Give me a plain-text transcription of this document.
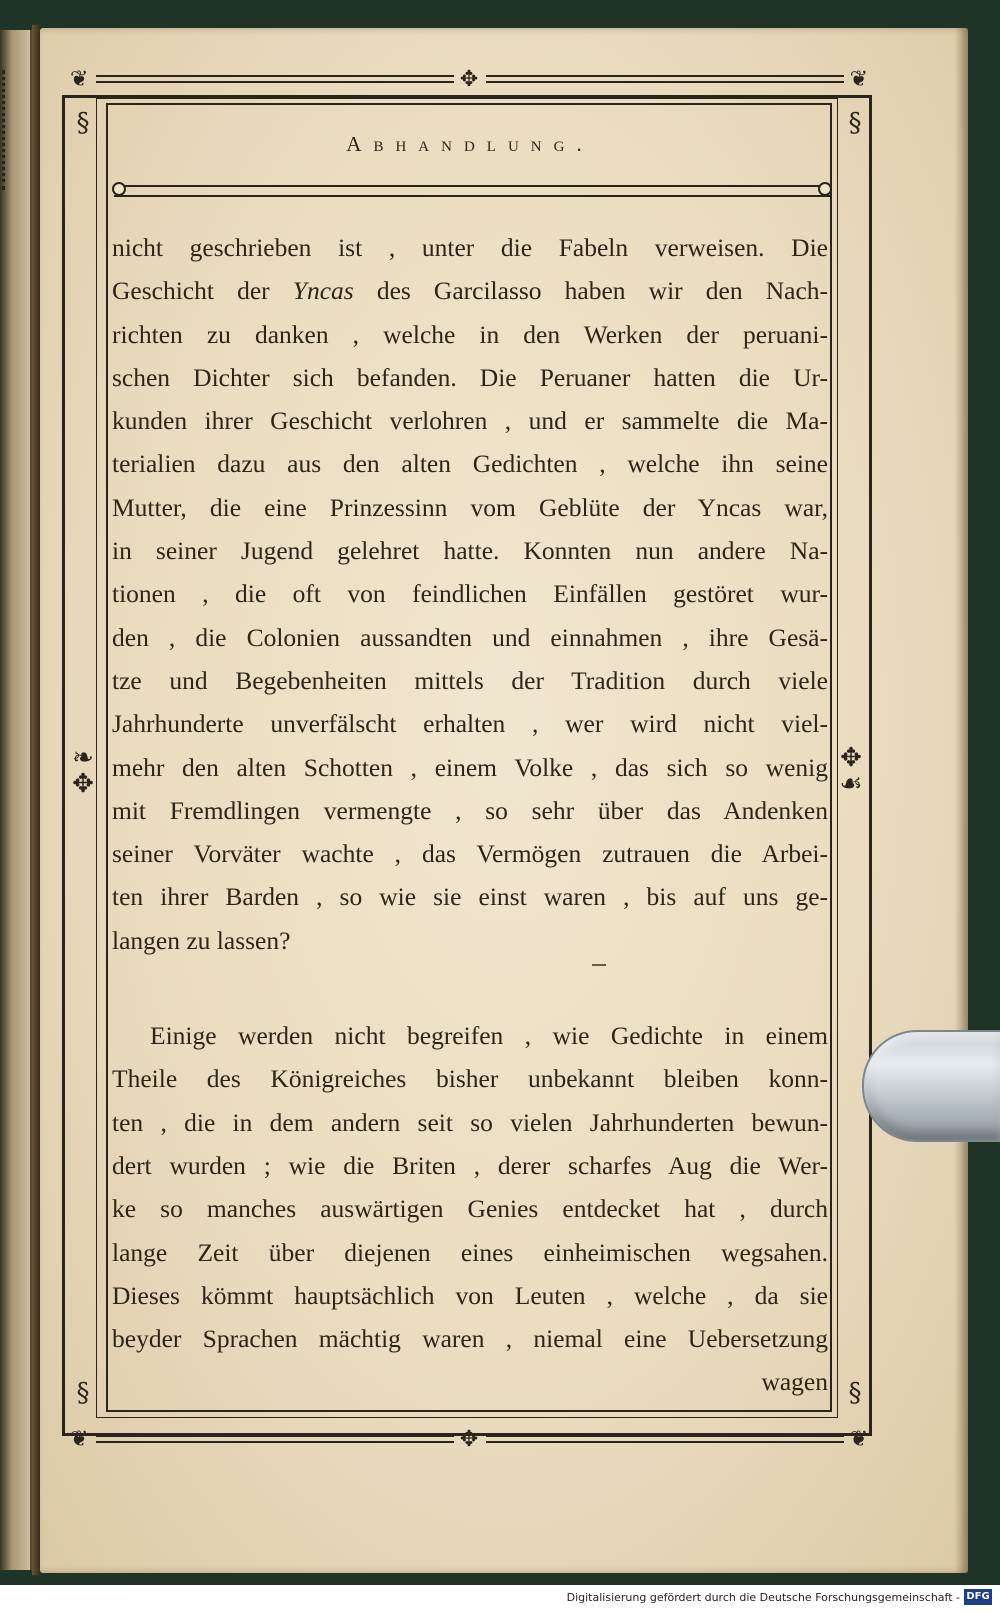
❦	✥	❦
❦	✥	❦
❧
✥
✥
☙
§	§
§	§
Abhandlung.
nicht geschrieben ist , unter die Fabeln verweisen. Die
Geschicht der Yncas des Garcilasso haben wir den Nach-
richten zu danken , welche in den Werken der peruani-
schen Dichter sich befanden. Die Peruaner hatten die Ur-
kunden ihrer Geschicht verlohren , und er sammelte die Ma-
terialien dazu aus den alten Gedichten , welche ihn seine
Mutter, die eine Prinzessinn vom Geblüte der Yncas war,
in seiner Jugend gelehret hatte. Konnten nun andere Na-
tionen , die oft von feindlichen Einfällen gestöret wur-
den , die Colonien aussandten und einnahmen , ihre Gesä-
tze und Begebenheiten mittels der Tradition durch viele
Jahrhunderte unverfälscht erhalten , wer wird nicht viel-
mehr den alten Schotten , einem Volke , das sich so wenig
mit Fremdlingen vermengte , so sehr über das Andenken
seiner Vorväter wachte , das Vermögen zutrauen die Arbei-
ten ihrer Barden , so wie sie einst waren , bis auf uns ge-
langen zu lassen?
Einige werden nicht begreifen , wie Gedichte in einem
Theile des Königreiches bisher unbekannt bleiben konn-
ten , die in dem andern seit so vielen Jahrhunderten bewun-
dert wurden ; wie die Briten , derer scharfes Aug die Wer-
ke so manches auswärtigen Genies entdecket hat , durch
lange Zeit über diejenen eines einheimischen wegsahen.
Dieses kömmt hauptsächlich von Leuten , welche , da sie
beyder Sprachen mächtig waren , niemal eine Uebersetzung
wagen
Digitalisierung gefördert durch die Deutsche Forschungsgemeinschaft - DFG
